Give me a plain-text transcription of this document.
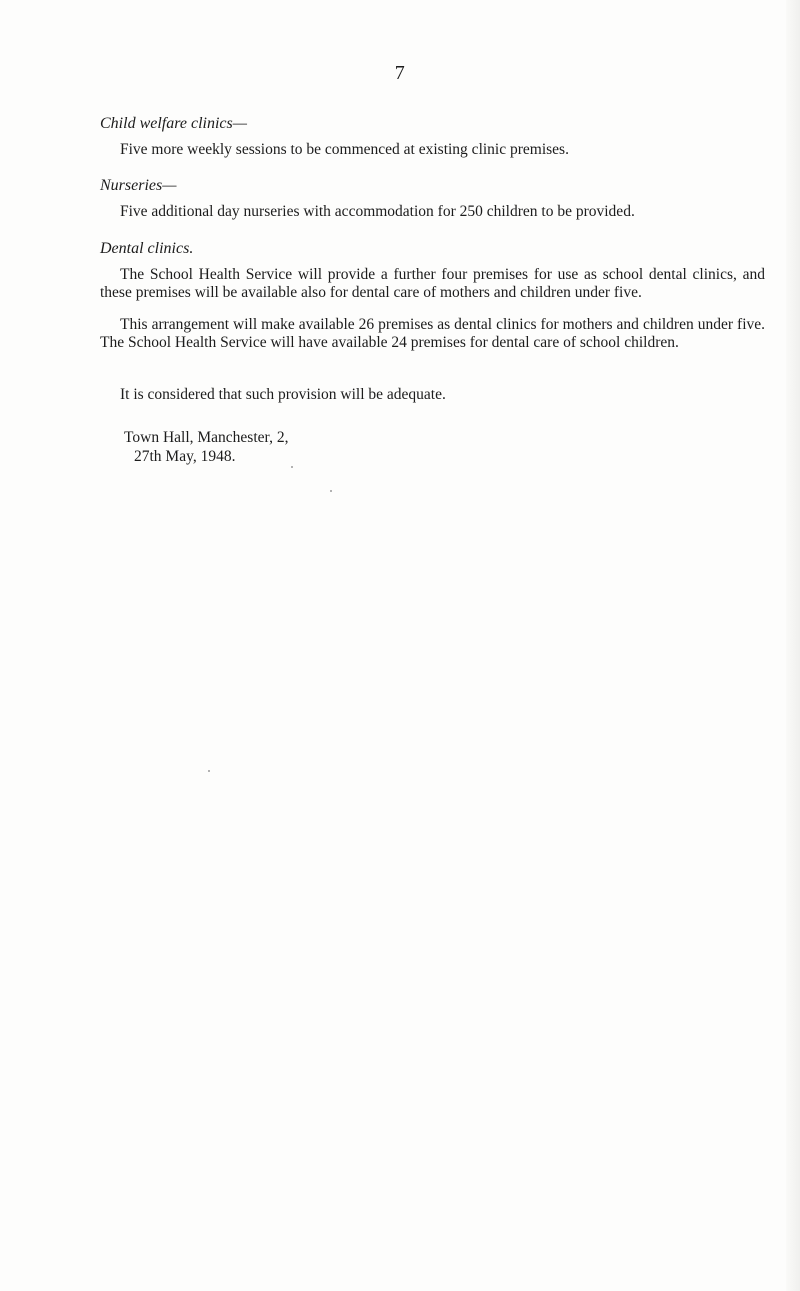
7
Child welfare clinics—

Five more weekly sessions to be commenced at existing clinic premises.

Nurseries—

Five additional day nurseries with accommodation for 250 children to be provided.

Dental clinics.

The School Health Service will provide a further four premises for use as school dental clinics, and these premises will be available also for dental care of mothers and children under five.

This arrangement will make available 26 premises as dental clinics for mothers and children under five. The School Health Service will have available 24 premises for dental care of school children.

It is considered that such provision will be adequate.

Town Hall, Manchester, 2,
27th May, 1948.
